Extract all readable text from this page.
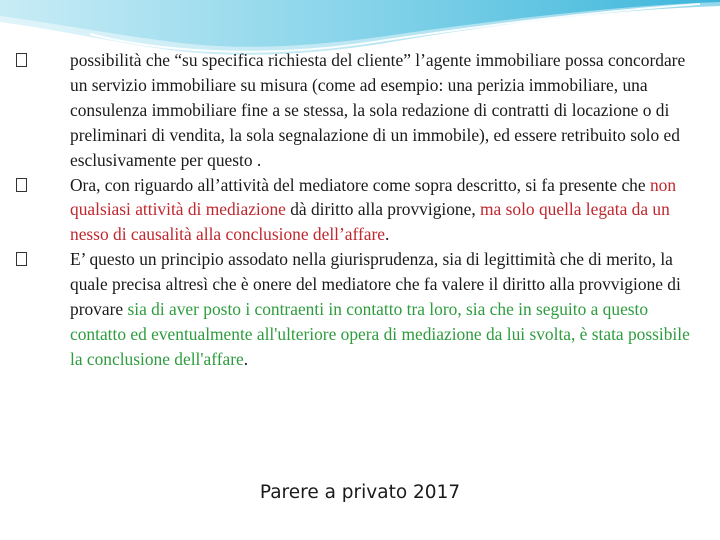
possibilità che “su specifica richiesta del cliente” l’agente immobiliare possa concordare un servizio immobiliare su misura (come ad esempio: una perizia immobiliare, una consulenza immobiliare fine a se stessa, la sola redazione di contratti di locazione o di preliminari di vendita, la sola segnalazione di un immobile), ed essere retribuito solo ed esclusivamente per questo .

Ora, con riguardo all’attività del mediatore come sopra descritto, si fa presente che non qualsiasi attività di mediazione dà diritto alla provvigione, ma solo quella legata da un nesso di causalità alla conclusione dell’affare.

E’ questo un principio assodato nella giurisprudenza, sia di legittimità che di merito, la quale precisa altresì che è onere del mediatore che fa valere il diritto alla provvigione di provare sia di aver posto i contraenti in contatto tra loro, sia che in seguito a questo contatto ed eventualmente all'ulteriore opera di mediazione da lui svolta, è stata possibile la conclusione dell'affare.

Parere a privato 2017
